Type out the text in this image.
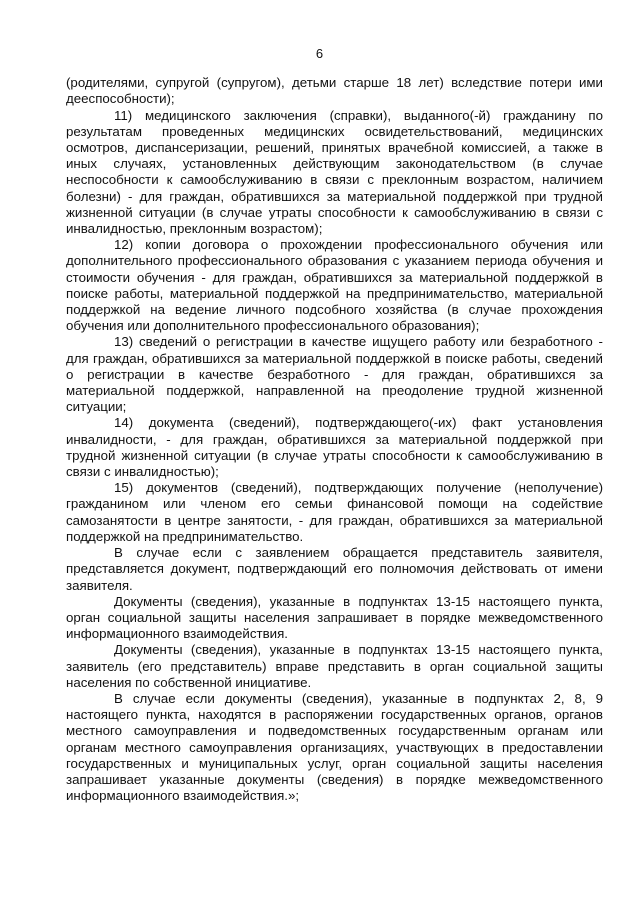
6

(родителями, супругой (супругом), детьми старше 18 лет) вследствие потери ими дееспособности);

11) медицинского заключения (справки), выданного(-й) гражданину по результатам проведенных медицинских освидетельствований, медицинских осмотров, диспансеризации, решений, принятых врачебной комиссией, а также в иных случаях, установленных действующим законодательством (в случае неспособности к самообслуживанию в связи с преклонным возрастом, наличием болезни) - для граждан, обратившихся за материальной поддержкой при трудной жизненной ситуации (в случае утраты способности к самообслуживанию в связи с инвалидностью, преклонным возрастом);

12) копии договора о прохождении профессионального обучения или дополнительного профессионального образования с указанием периода обучения и стоимости обучения - для граждан, обратившихся за материальной поддержкой в поиске работы, материальной поддержкой на предпринимательство, материальной поддержкой на ведение личного подсобного хозяйства (в случае прохождения обучения или дополнительного профессионального образования);

13) сведений о регистрации в качестве ищущего работу или безработного - для граждан, обратившихся за материальной поддержкой в поиске работы, сведений о регистрации в качестве безработного - для граждан, обратившихся за материальной поддержкой, направленной на преодоление трудной жизненной ситуации;

14) документа (сведений), подтверждающего(-их) факт установления инвалидности, - для граждан, обратившихся за материальной поддержкой при трудной жизненной ситуации (в случае утраты способности к самообслуживанию в связи с инвалидностью);

15) документов (сведений), подтверждающих получение (неполучение) гражданином или членом его семьи финансовой помощи на содействие самозанятости в центре занятости, - для граждан, обратившихся за материальной поддержкой на предпринимательство.

В случае если с заявлением обращается представитель заявителя, представляется документ, подтверждающий его полномочия действовать от имени заявителя.

Документы (сведения), указанные в подпунктах 13-15 настоящего пункта, орган социальной защиты населения запрашивает в порядке межведомственного информационного взаимодействия.

Документы (сведения), указанные в подпунктах 13-15 настоящего пункта, заявитель (его представитель) вправе представить в орган социальной защиты населения по собственной инициативе.

В случае если документы (сведения), указанные в подпунктах 2, 8, 9 настоящего пункта, находятся в распоряжении государственных органов, органов местного самоуправления и подведомственных государственным органам или органам местного самоуправления организациях, участвующих в предоставлении государственных и муниципальных услуг, орган социальной защиты населения запрашивает указанные документы (сведения) в порядке межведомственного информационного взаимодействия.»;
